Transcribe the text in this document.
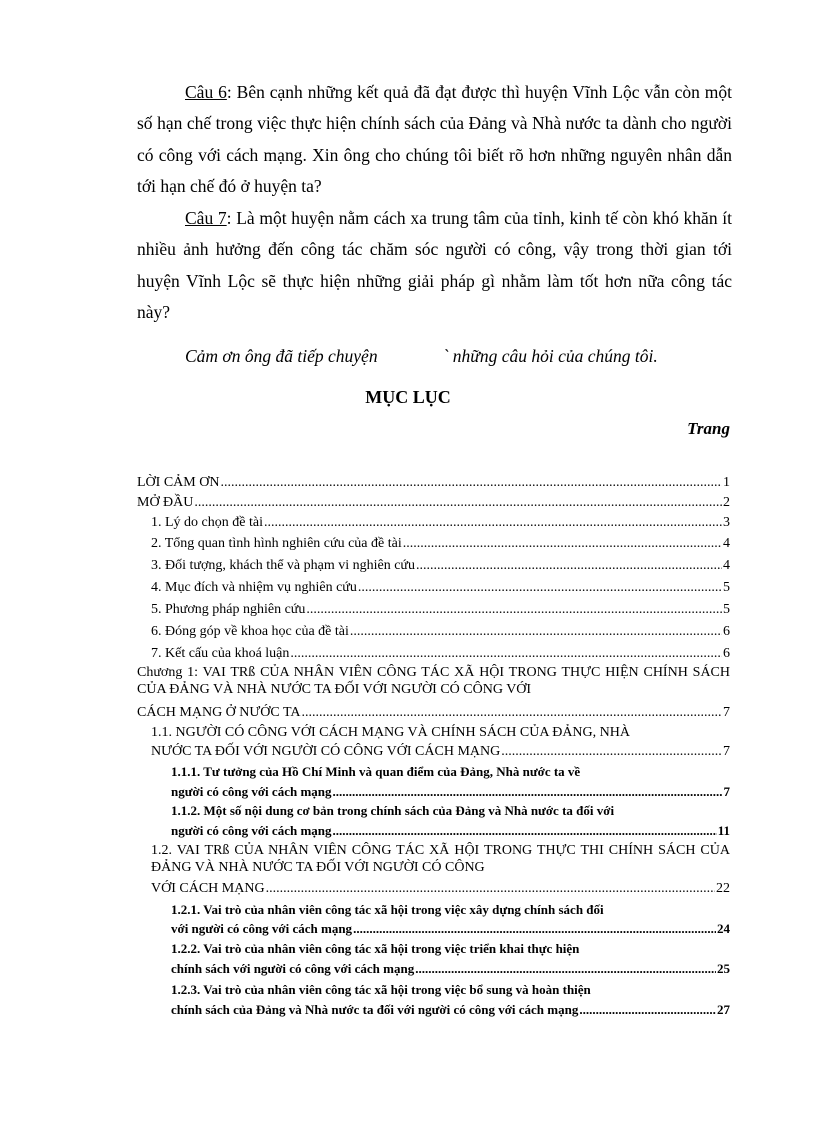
Câu 6: Bên cạnh những kết quả đã đạt được thì huyện Vĩnh Lộc vẫn còn một số hạn chế trong việc thực hiện chính sách của Đảng và Nhà nước ta dành cho người có công với cách mạng. Xin ông cho chúng tôi biết rõ hơn những nguyên nhân dẫn tới hạn chế đó ở huyện ta?

Câu 7: Là một huyện nằm cách xa trung tâm của tỉnh, kinh tế còn khó khăn ít nhiều ảnh hưởng đến công tác chăm sóc người có công, vậy trong thời gian tới huyện Vĩnh Lộc sẽ thực hiện những giải pháp gì nhằm làm tốt hơn nữa công tác này?

Cảm ơn ông đã tiếp chuyện	` những câu hỏi của chúng tôi.
MỤC LỤC
Trang
LỜI CẢM ƠN .....	1
MỞ ĐẦU .....	2
1. Lý do chọn đề tài .....	3
2. Tổng quan tình hình nghiên cứu của đề tài .....	4
3. Đối tượng, khách thể và phạm vi nghiên cứu .....	4
4. Mục đích và nhiệm vụ nghiên cứu .....	5
5. Phương pháp nghiên cứu .....	5
6. Đóng góp về khoa học của đề tài .....	6
7. Kết cấu của khoá luận .....	6
Chương 1: VAI TRß CỦA NHÂN VIÊN CÔNG TÁC XÃ HỘI TRONG THỰC HIỆN CHÍNH SÁCH CỦA ĐẢNG VÀ NHÀ NƯỚC TA ĐỐI VỚI NGƯỜI CÓ CÔNG VỚI
CÁCH MẠNG Ở NƯỚC TA .....	7
1.1. NGƯỜI CÓ CÔNG VỚI CÁCH MẠNG VÀ CHÍNH SÁCH CỦA ĐẢNG, NHÀ
NƯỚC TA ĐỐI VỚI NGƯỜI CÓ CÔNG VỚI CÁCH MẠNG .....	7
1.1.1. Tư tưởng của Hồ Chí Minh và quan điểm của Đảng, Nhà nước ta về
người có công với cách mạng .....	7
1.1.2. Một số nội dung cơ bản trong chính sách của Đảng và Nhà nước ta đối với
người có công với cách mạng .....	11
1.2. VAI TRß CỦA NHÂN VIÊN CÔNG TÁC XÃ HỘI TRONG THỰC THI CHÍNH SÁCH CỦA ĐẢNG VÀ NHÀ NƯỚC TA ĐỐI VỚI NGƯỜI CÓ CÔNG
VỚI CÁCH MẠNG .....	22
1.2.1. Vai trò của nhân viên công tác xã hội trong việc xây dựng chính sách đối
với người có công với cách mạng .....	24
1.2.2. Vai trò của nhân viên công tác xã hội trong việc triển khai thực hiện
chính sách với người có công với cách mạng .....	25
1.2.3. Vai trò của nhân viên công tác xã hội trong việc bổ sung và hoàn thiện
chính sách của Đảng và Nhà nước ta đối với người có công với cách mạng .....	27
